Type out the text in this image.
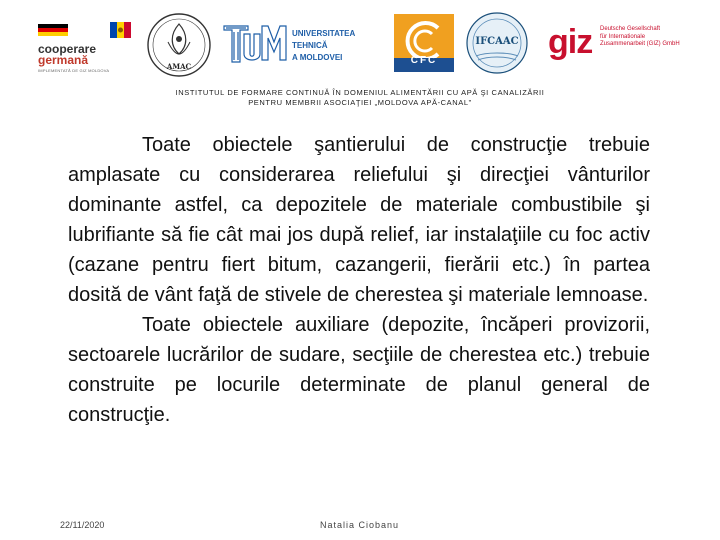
cooperare
germană
IMPLEMENTATĂ DE GIZ MOLDOVA	AMAC
UNIVERSITATEA TEHNICĂ
A MOLDOVEI	CFC
IFCAAC giz Deutsche Gesellschaft
für Internationale
Zusammenarbeit (GIZ) GmbH
INSTITUTUL DE FORMARE CONTINUĂ ÎN DOMENIUL ALIMENTĂRII CU APĂ ŞI CANALIZĂRII
PENTRU MEMBRII ASOCIAŢIEI „MOLDOVA APĂ-CANAL”

Toate obiectele şantierului de construcţie trebuie amplasate cu considerarea reliefului şi direcţiei vânturilor dominante astfel, ca depozitele de materiale combustibile şi lubrifiante să fie cât mai jos după relief, iar instalaţiile cu foc activ (cazane pentru fiert bitum, cazangerii, fierării etc.) în partea dosită de vânt faţă de stivele de cherestea şi materiale lemnoase.

Toate obiectele auxiliare (depozite, încăperi provizorii, sectoarele lucrărilor de sudare, secţiile de cherestea etc.) trebuie construite pe locurile determinate de planul general de construcţie.

22/11/2020	Natalia Ciobanu
